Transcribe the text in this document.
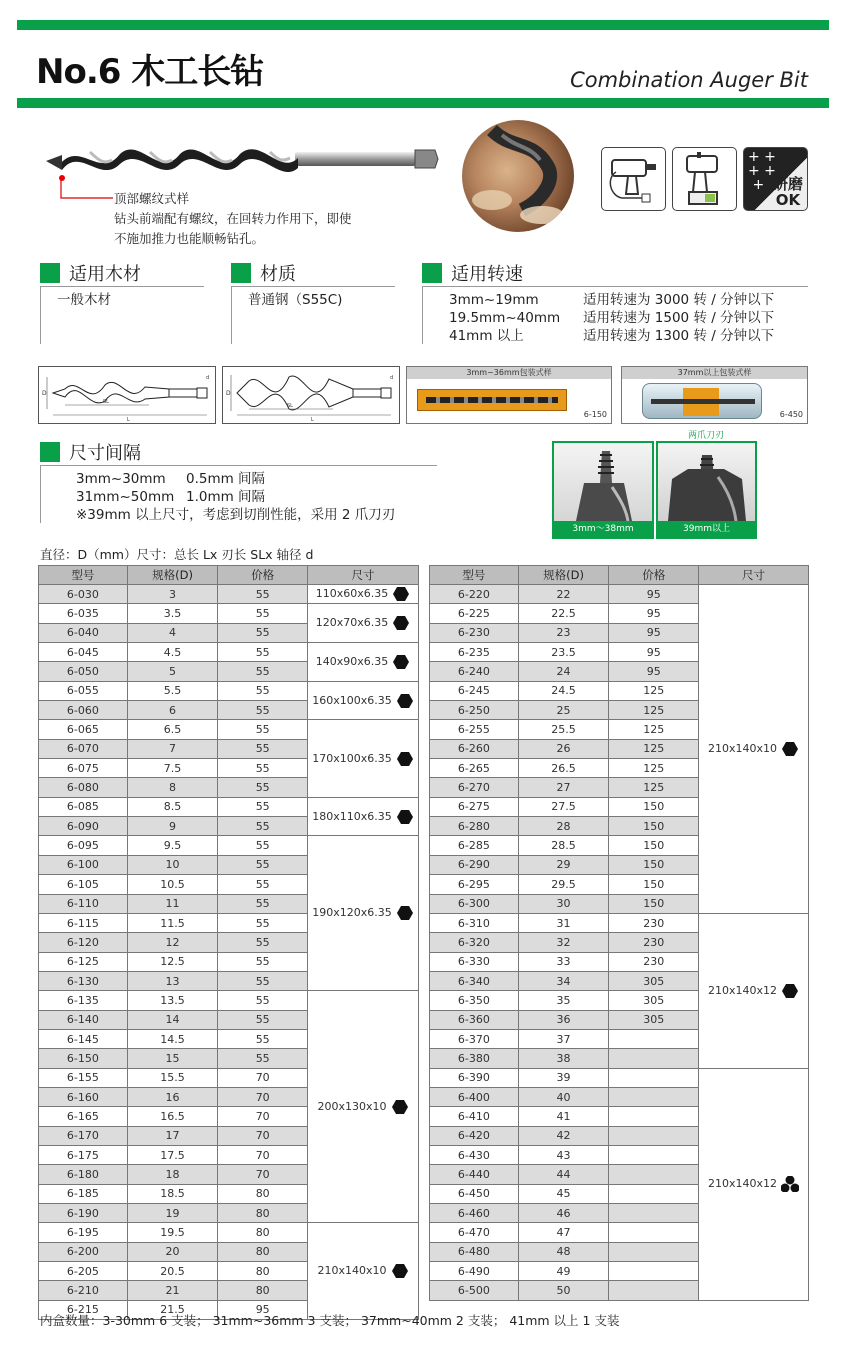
No.6 木工长钻	Combination Auger Bit
顶部螺纹式样
钻头前端配有螺纹，在回转力作用下，即使
不施加推力也能顺畅钻孔。
+ +
+ +
+ 研磨
OK
适用木材
一般木材
材质
普通钢（S55C)
适用转速
3mm~19mm	适用转速为 3000 转 / 分钟以下
19.5mm~40mm	适用转速为 1500 转 / 分钟以下
41mm 以上	适用转速为 1300 转 / 分钟以下
D
SL
L
d
D
SL
L
d
3mm~36mm包装式样
6-150
37mm以上包装式样
6-450
尺寸间隔
3mm~30mm	0.5mm 间隔
31mm~50mm 1.0mm 间隔
※39mm 以上尺寸，考虑到切削性能，采用 2 爪刀刃
两爪刀刃
3mm～38mm	39mm以上
直径：D（mm）尺寸：总长 Lx 刃长 SLx 轴径 d
型号	规格(D)	价格	尺寸
6-030	3	55	110x60x6.35
6-035	3.5	55	120x70x6.35
6-040	4	55	
6-045	4.5	55	140x90x6.35
6-050	5	55	
6-055	5.5	55	160x100x6.35
6-060	6	55	
6-065	6.5	55	170x100x6.35
6-070	7	55	
6-075	7.5	55	
6-080	8	55	
6-085	8.5	55	180x110x6.35
6-090	9	55	
6-095	9.5	55	190x120x6.35
6-100	10	55	
6-105	10.5	55	
6-110	11	55	
6-115	11.5	55	
6-120	12	55	
6-125	12.5	55	
6-130	13	55	
6-135	13.5	55	200x130x10
6-140	14	55	
6-145	14.5	55	
6-150	15	55	
6-155	15.5	70	
6-160	16	70	
6-165	16.5	70	
6-170	17	70	
6-175	17.5	70	
6-180	18	70	
6-185	18.5	80	
6-190	19	80	
6-195	19.5	80	210x140x10
6-200	20	80	
6-205	20.5	80	
6-210	21	80	
6-215	21.5	95	
型号	规格(D)	价格	尺寸
6-220	22	95	210x140x10
6-225	22.5	95	
6-230	23	95	
6-235	23.5	95	
6-240	24	95	
6-245	24.5	125	
6-250	25	125	
6-255	25.5	125	
6-260	26	125	
6-265	26.5	125	
6-270	27	125	
6-275	27.5	150	
6-280	28	150	
6-285	28.5	150	
6-290	29	150	
6-295	29.5	150	
6-300	30	150	
6-310	31	230	210x140x12
6-320	32	230	
6-330	33	230	
6-340	34	305	
6-350	35	305	
6-360	36	305	
6-370	37		
6-380	38		
6-390	39		210x140x12
6-400	40		
6-410	41		
6-420	42		
6-430	43		
6-440	44		
6-450	45		
6-460	46		
6-470	47		
6-480	48		
6-490	49		
6-500	50		
内盒数量：3-30mm 6 支装； 31mm~36mm 3 支装； 37mm~40mm 2 支装； 41mm 以上 1 支装
